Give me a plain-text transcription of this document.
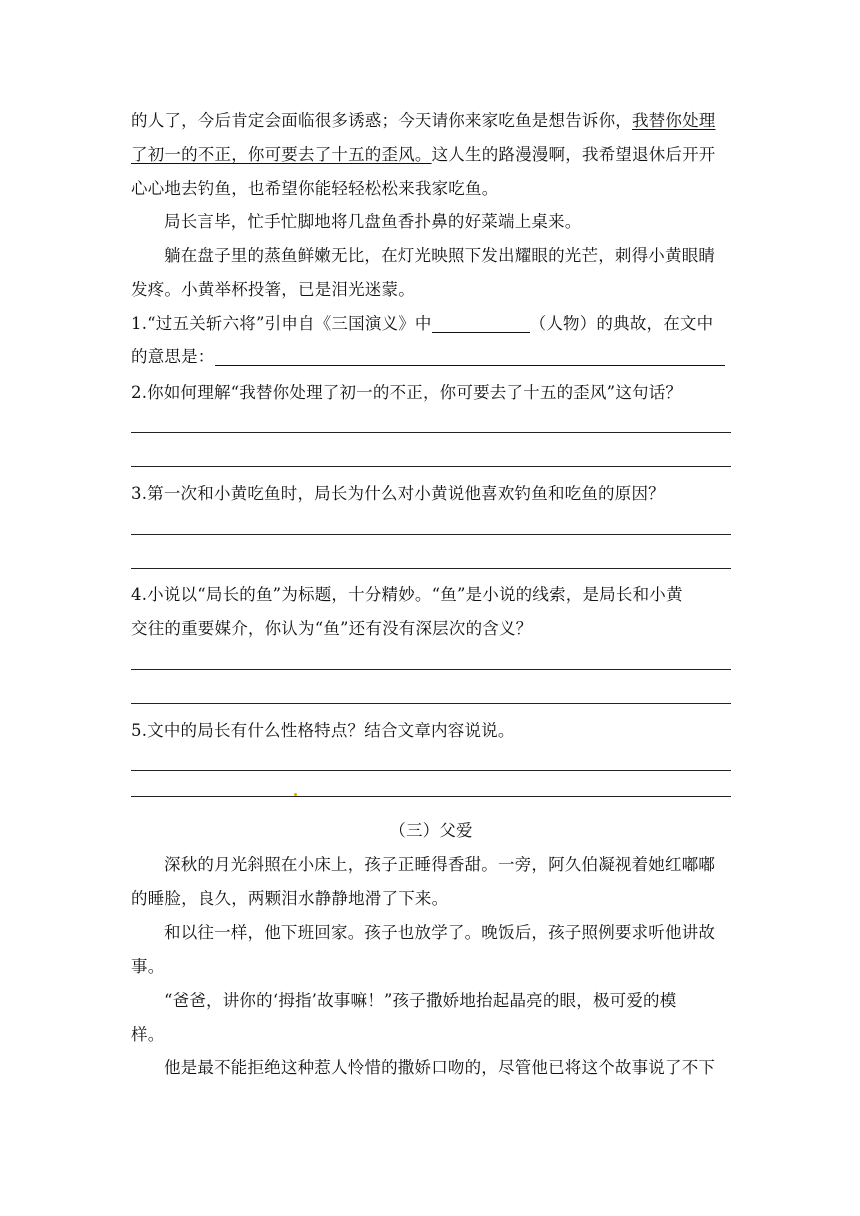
的人了，今后肯定会面临很多诱惑；今天请你来家吃鱼是想告诉你，我替你处理
了初一的不正，你可要去了十五的歪风。这人生的路漫漫啊，我希望退休后开开
心心地去钓鱼，也希望你能轻轻松松来我家吃鱼。
局长言毕，忙手忙脚地将几盘鱼香扑鼻的好菜端上桌来。
躺在盘子里的蒸鱼鲜嫩无比，在灯光映照下发出耀眼的光芒，刺得小黄眼睛
发疼。小黄举杯投箸，已是泪光迷蒙。
1.“过五关斩六将”引申自《三国演义》中	（人物）的典故，在文中
的意思是：
2.你如何理解“我替你处理了初一的不正，你可要去了十五的歪风”这句话？
3.第一次和小黄吃鱼时，局长为什么对小黄说他喜欢钓鱼和吃鱼的原因？
4.小说以“局长的鱼”为标题，十分精妙。“鱼”是小说的线索，是局长和小黄
交往的重要媒介，你认为“鱼”还有没有深层次的含义？
5.文中的局长有什么性格特点？结合文章内容说说。
（三）父爱
深秋的月光斜照在小床上，孩子正睡得香甜。一旁，阿久伯凝视着她红嘟嘟
的睡脸，良久，两颗泪水静静地滑了下来。
和以往一样，他下班回家。孩子也放学了。晚饭后，孩子照例要求听他讲故
事。
“爸爸，讲你的‘拇指’故事嘛！”孩子撒娇地抬起晶亮的眼，极可爱的模
样。
他是最不能拒绝这种惹人怜惜的撒娇口吻的，尽管他已将这个故事说了不下
